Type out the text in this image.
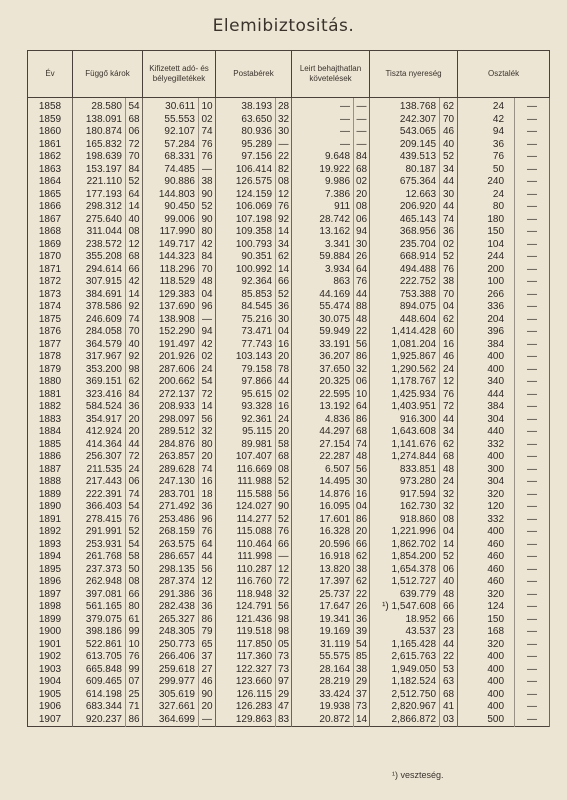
Elemibiztositás.
Év	Függő károk		Kifizetett adó- és bélyegilletékek		Postabérek		Leirt behajthatlan követelések		Tiszta nyereség		Osztalék	
1858	28.580	54	30.611	10	38.193	28	—	—	138.768	62	24	—
1859	138.091	68	55.553	02	63.650	32	—	—	242.307	70	42	—
1860	180.874	06	92.107	74	80.936	30	—	—	543.065	46	94	—
1861	165.832	72	57.284	76	95.289	—	—	—	209.145	40	36	—
1862	198.639	70	68.331	76	97.156	22	9.648	84	439.513	52	76	—
1863	153.197	84	74.485	—	106.414	82	19.922	68	80.187	34	50	—
1864	221.110	52	90.886	38	126.575	08	9.986	02	675.364	44	240	—
1865	177.193	64	144.803	90	124.159	12	7.386	20	12.663	30	24	—
1866	298.312	14	90.450	52	106.069	76	911	08	206.920	44	80	—
1867	275.640	40	99.006	90	107.198	92	28.742	06	465.143	74	180	—
1868	311.044	08	117.990	80	109.358	14	13.162	94	368.956	36	150	—
1869	238.572	12	149.717	42	100.793	34	3.341	30	235.704	02	104	—
1870	355.208	68	144.323	84	90.351	62	59.884	26	668.914	52	244	—
1871	294.614	66	118.296	70	100.992	14	3.934	64	494.488	76	200	—
1872	307.915	42	118.529	48	92.364	66	863	76	222.752	38	100	—
1873	384.691	14	129.383	04	85.853	52	44.169	44	753.388	70	266	—
1874	378.586	92	137.690	96	84.545	36	55.474	88	894.075	04	336	—
1875	246.609	74	138.908	—	75.216	30	30.075	48	448.604	62	204	—
1876	284.058	70	152.290	94	73.471	04	59.949	22	1,414.428	60	396	—
1877	364.579	40	191.497	42	77.743	16	33.191	56	1,081.204	16	384	—
1878	317.967	92	201.926	02	103.143	20	36.207	86	1,925.867	46	400	—
1879	353.200	98	287.606	24	79.158	78	37.650	32	1,290.562	24	400	—
1880	369.151	62	200.662	54	97.866	44	20.325	06	1,178.767	12	340	—
1881	323.416	84	272.137	72	95.615	02	22.595	10	1,425.934	76	444	—
1882	584.524	36	208.933	14	93.328	16	13.192	64	1,403.951	72	384	—
1883	354.917	20	298.097	56	92.361	24	4.836	86	916.300	44	304	—
1884	412.924	20	289.512	32	95.115	20	44.297	68	1,643.608	34	440	—
1885	414.364	44	284.876	80	89.981	58	27.154	74	1,141.676	62	332	—
1886	256.307	72	263.857	20	107.407	68	22.287	48	1,274.844	68	400	—
1887	211.535	24	289.628	74	116.669	08	6.507	56	833.851	48	300	—
1888	217.443	06	247.130	16	111.988	52	14.495	30	973.280	24	304	—
1889	222.391	74	283.701	18	115.588	56	14.876	16	917.594	32	320	—
1890	366.403	54	271.492	36	124.027	90	16.095	04	162.730	32	120	—
1891	278.415	76	253.486	96	114.277	52	17.601	86	918.860	08	332	—
1892	291.991	52	268.159	76	115.088	76	16.328	20	1,221.996	04	400	—
1893	253.931	54	263.575	64	110.464	66	20.596	66	1,862.702	14	460	—
1894	261.768	58	286.657	44	111.998	—	16.918	62	1,854.200	52	460	—
1895	237.373	50	298.135	56	110.287	12	13.820	38	1,654.378	06	460	—
1896	262.948	08	287.374	12	116.760	72	17.397	62	1,512.727	40	460	—
1897	397.081	66	291.386	36	118.948	32	25.737	22	639.779	48	320	—
1898	561.165	80	282.438	36	124.791	56	17.647	26	¹) 1,547.608	66	124	—
1899	379.075	61	265.327	86	121.436	98	19.341	36	18.952	66	150	—
1900	398.186	99	248.305	79	119.518	98	19.169	39	43.537	23	168	—
1901	522.861	10	250.773	65	117.850	05	31.119	54	1,165.428	44	320	—
1902	613.705	76	266.406	37	117.360	73	55.575	85	2,615.763	22	400	—
1903	665.848	99	259.618	27	122.327	73	28.164	38	1,949.050	53	400	—
1904	609.465	07	299.977	46	123.660	97	28.219	29	1,182.524	63	400	—
1905	614.198	25	305.619	90	126.115	29	33.424	37	2,512.750	68	400	—
1906	683.344	71	327.661	20	126.283	47	19.938	73	2,820.967	41	400	—
1907	920.237	86	364.699	—	129.863	83	20.872	14	2,866.872	03	500	—
¹) veszteség.
